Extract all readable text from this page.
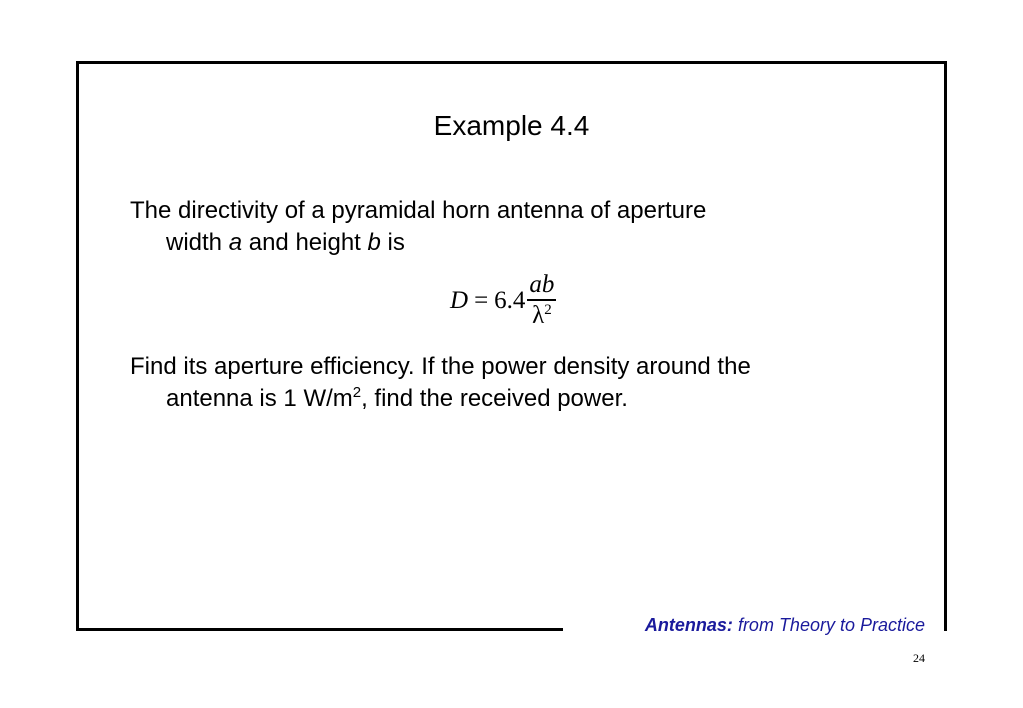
Example 4.4
The directivity of a pyramidal horn antenna of aperture
width a and height b is
$D = 6.4 \frac{ab}{\lambda^2}$
Find its aperture efficiency. If the power density around the
antenna is 1 $W/m^2$, find the received power.
Antennas: from Theory to Practice
24
